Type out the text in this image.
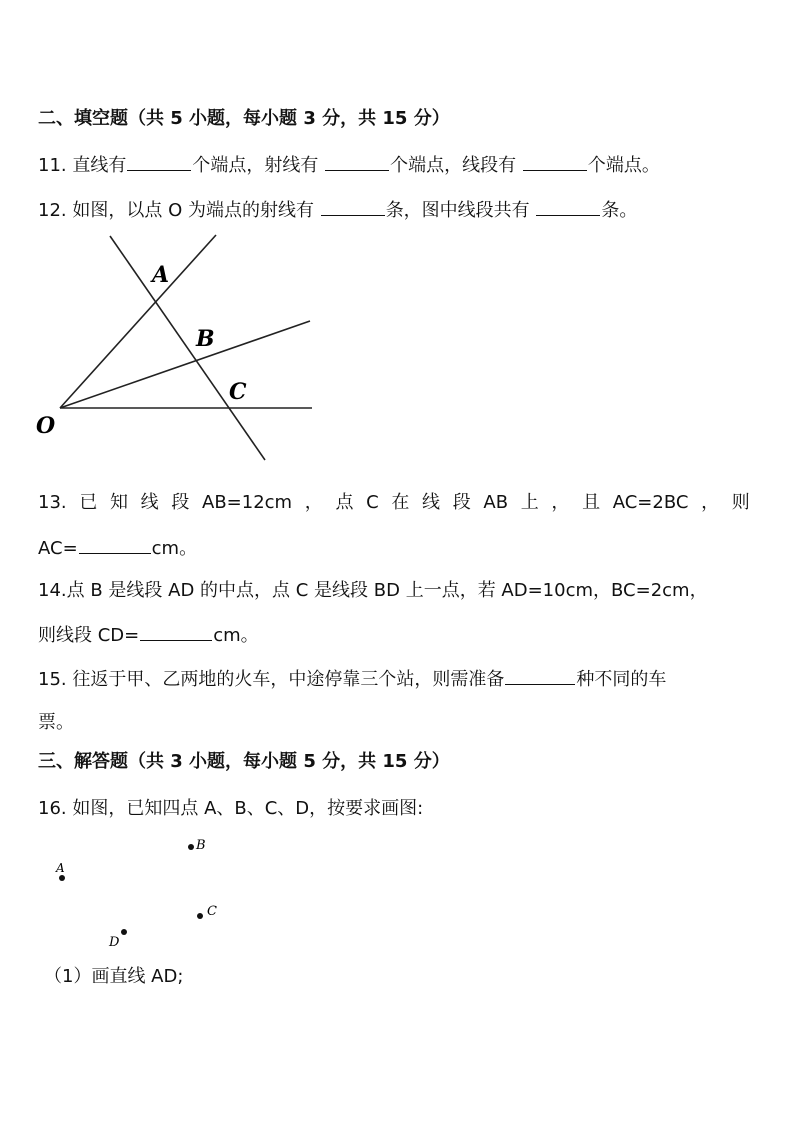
二、填空题（共 5 小题，每小题 3 分，共 15 分）
11. 直线有	个端点，射线有	个端点，线段有	个端点。
12. 如图，以点 O 为端点的射线有	条，图中线段共有	条。
A
B
C
O
13. 已 知 线 段 AB=12cm ， 点 C 在 线 段 AB 上 ， 且 AC=2BC ， 则
AC=	cm。
14.点 B 是线段 AD 的中点，点 C 是线段 BD 上一点，若 AD=10cm，BC=2cm，
则线段 CD=	cm。
15. 往返于甲、乙两地的火车，中途停靠三个站，则需准备	种不同的车
票。
三、解答题（共 3 小题，每小题 5 分，共 15 分）
16. 如图，已知四点 A、B、C、D，按要求画图:
A
B
C
D
（1）画直线 AD;
